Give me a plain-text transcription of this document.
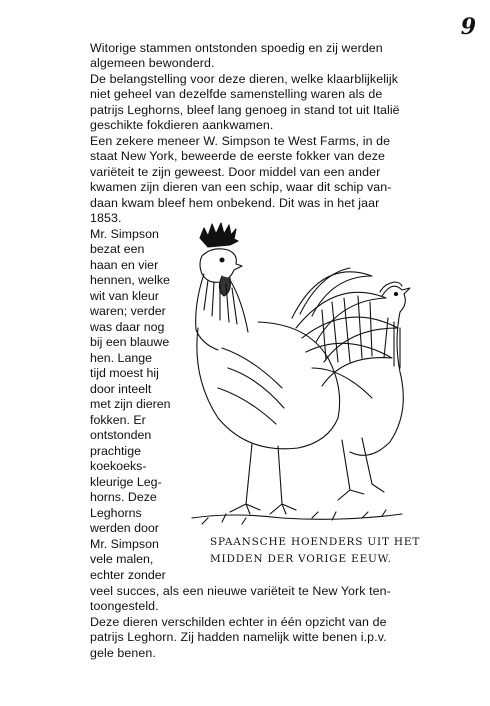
9
Witorige stammen ontstonden spoedig en zij werden
algemeen bewonderd.
De belangstelling voor deze dieren, welke klaarblijkelijk
niet geheel van dezelfde samenstelling waren als de
patrijs Leghorns, bleef lang genoeg in stand tot uit Italië
geschikte fokdieren aankwamen.
Een zekere meneer W. Simpson te West Farms, in de
staat New York, beweerde de eerste fokker van deze
variëteit te zijn geweest. Door middel van een ander
kwamen zijn dieren van een schip, waar dit schip van-
daan kwam bleef hem onbekend. Dit was in het jaar
1853.
Mr. Simpson
bezat een
haan en vier
hennen, welke
wit van kleur
waren; verder
was daar nog
bij een blauwe
hen. Lange
tijd moest hij
door inteelt
met zijn dieren
fokken. Er
ontstonden
prachtige
koekoeks-
kleurige Leg-
horns. Deze
Leghorns
werden door
Mr. Simpson
vele malen,
echter zonder
SPAANSCHE HOENDERS UIT HET
MIDDEN DER VORIGE EEUW.
veel succes, als een nieuwe variëteit te New York ten-
toongesteld.
Deze dieren verschilden echter in één opzicht van de
patrijs Leghorn. Zij hadden namelijk witte benen i.p.v.
gele benen.
